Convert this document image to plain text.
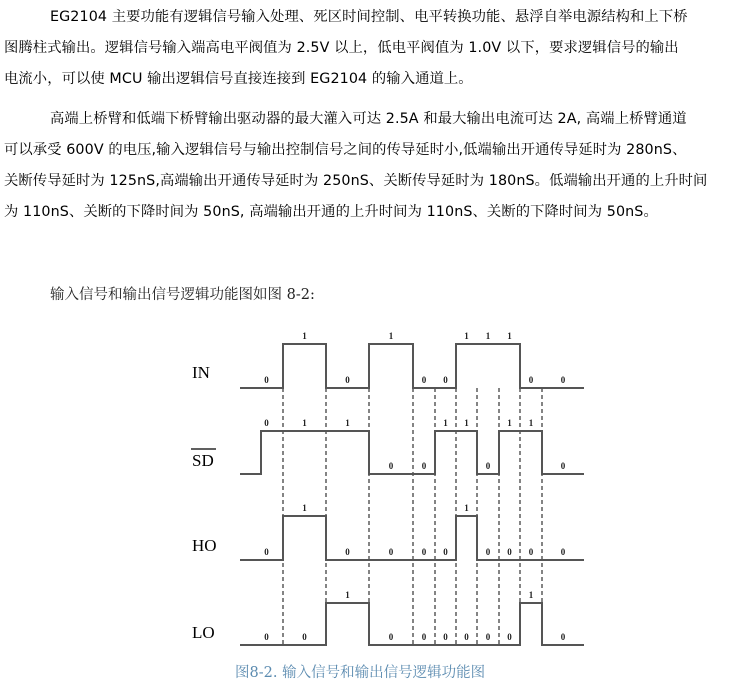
EG2104 主要功能有逻辑信号输入处理、死区时间控制、电平转换功能、悬浮自举电源结构和上下桥

图腾柱式输出。逻辑信号输入端高电平阀值为 2.5V 以上，低电平阀值为 1.0V 以下，要求逻辑信号的输出

电流小，可以使 MCU 输出逻辑信号直接连接到 EG2104 的输入通道上。

高端上桥臂和低端下桥臂输出驱动器的最大灌入可达 2.5A 和最大输出电流可达 2A, 高端上桥臂通道

可以承受 600V 的电压,输入逻辑信号与输出控制信号之间的传导延时小,低端输出开通传导延时为 280nS、

关断传导延时为 125nS,高端输出开通传导延时为 250nS、关断传导延时为 180nS。低端输出开通的上升时间

为 110nS、关断的下降时间为 50nS, 高端输出开通的上升时间为 110nS、关断的下降时间为 50nS。

输入信号和输出信号逻辑功能图如图 8-2:
IN
SD
HO
LO
0
1
0
1
0 0
1 1 1
0	0
0	1	1
0	0
1 1
0
1 1
0
0
1
0	0	0 0
1
0 0 0	0
0	0
1
0	0 0 0 0 0
1
0
图8-2. 输入信号和输出信号逻辑功能图
